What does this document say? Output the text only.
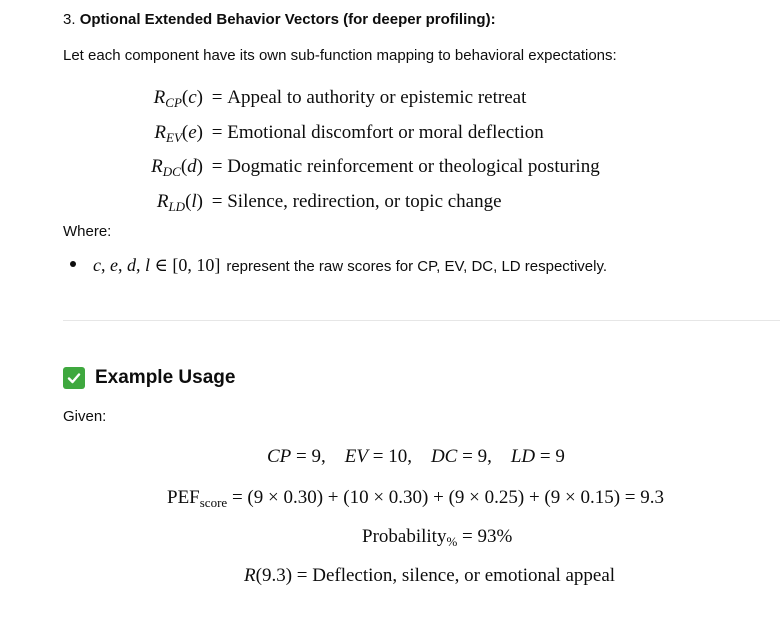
3. Optional Extended Behavior Vectors (for deeper profiling):
Let each component have its own sub-function mapping to behavioral expectations:
$R_{CP}(c)$ = Appeal to authority or epistemic retreat
$R_{EV}(e)$ = Emotional discomfort or moral deflection
$R_{DC}(d)$ = Dogmatic reinforcement or theological posturing
$R_{LD}(l)$ = Silence, redirection, or topic change
Where:
c, e, d, l ∈ [0, 10] represent the raw scores for CP, EV, DC, LD respectively.
Example Usage
Given:
CP = 9,    EV = 10,    DC = 9,    LD = 9
$PEF_{score} = (9 \times 0.30) + (10 \times 0.30) + (9 \times 0.25) + (9 \times 0.15) = 9.3$
Probability$_{\%}$ = 93%
R(9.3) = Deflection, silence, or emotional appeal
